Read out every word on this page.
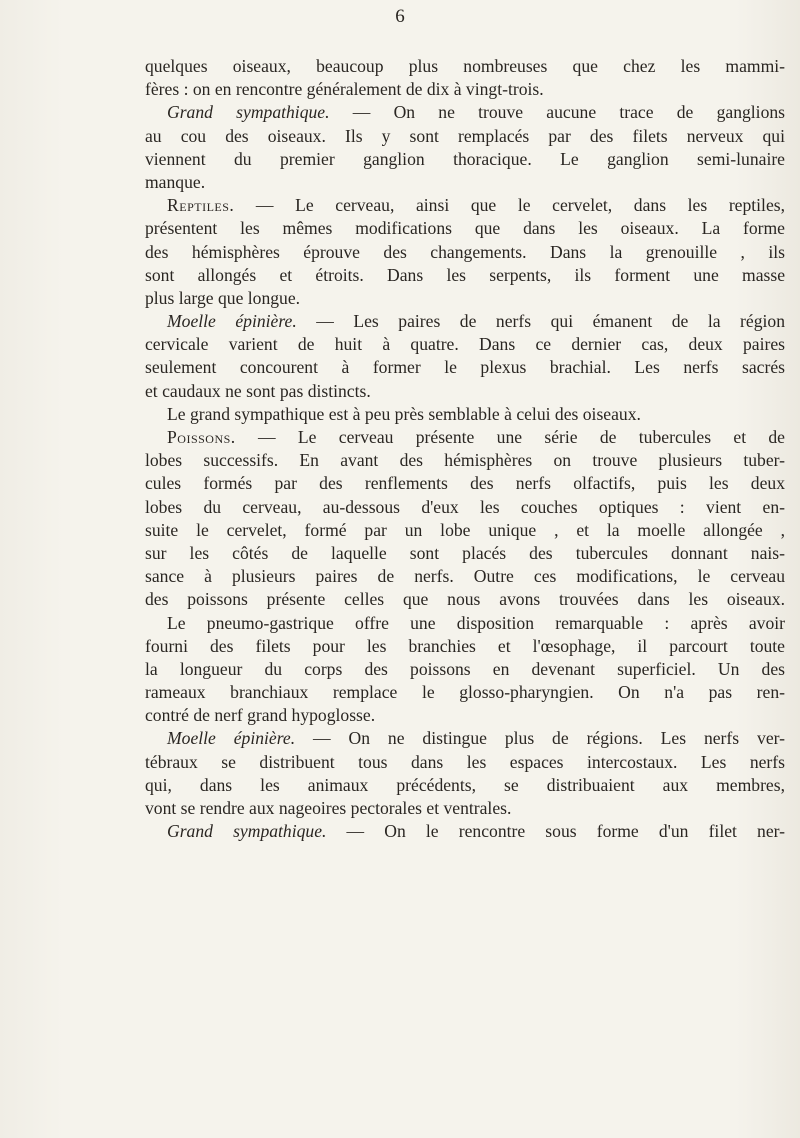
6
quelques oiseaux, beaucoup plus nombreuses que chez les mammi-
fères : on en rencontre généralement de dix à vingt-trois.
Grand sympathique. — On ne trouve aucune trace de ganglions
au cou des oiseaux. Ils y sont remplacés par des filets nerveux qui
viennent du premier ganglion thoracique. Le ganglion semi-lunaire
manque.
Reptiles. — Le cerveau, ainsi que le cervelet, dans les reptiles,
présentent les mêmes modifications que dans les oiseaux. La forme
des hémisphères éprouve des changements. Dans la grenouille , ils
sont allongés et étroits. Dans les serpents, ils forment une masse
plus large que longue.
Moelle épinière. — Les paires de nerfs qui émanent de la région
cervicale varient de huit à quatre. Dans ce dernier cas, deux paires
seulement concourent à former le plexus brachial. Les nerfs sacrés
et caudaux ne sont pas distincts.
Le grand sympathique est à peu près semblable à celui des oiseaux.
Poissons. — Le cerveau présente une série de tubercules et de
lobes successifs. En avant des hémisphères on trouve plusieurs tuber-
cules formés par des renflements des nerfs olfactifs, puis les deux
lobes du cerveau, au-dessous d'eux les couches optiques : vient en-
suite le cervelet, formé par un lobe unique , et la moelle allongée ,
sur les côtés de laquelle sont placés des tubercules donnant nais-
sance à plusieurs paires de nerfs. Outre ces modifications, le cerveau
des poissons présente celles que nous avons trouvées dans les oiseaux.
Le pneumo-gastrique offre une disposition remarquable : après avoir
fourni des filets pour les branchies et l'œsophage, il parcourt toute
la longueur du corps des poissons en devenant superficiel. Un des
rameaux branchiaux remplace le glosso-pharyngien. On n'a pas ren-
contré de nerf grand hypoglosse.
Moelle épinière. — On ne distingue plus de régions. Les nerfs ver-
tébraux se distribuent tous dans les espaces intercostaux. Les nerfs
qui, dans les animaux précédents, se distribuaient aux membres,
vont se rendre aux nageoires pectorales et ventrales.
Grand sympathique. — On le rencontre sous forme d'un filet ner-
